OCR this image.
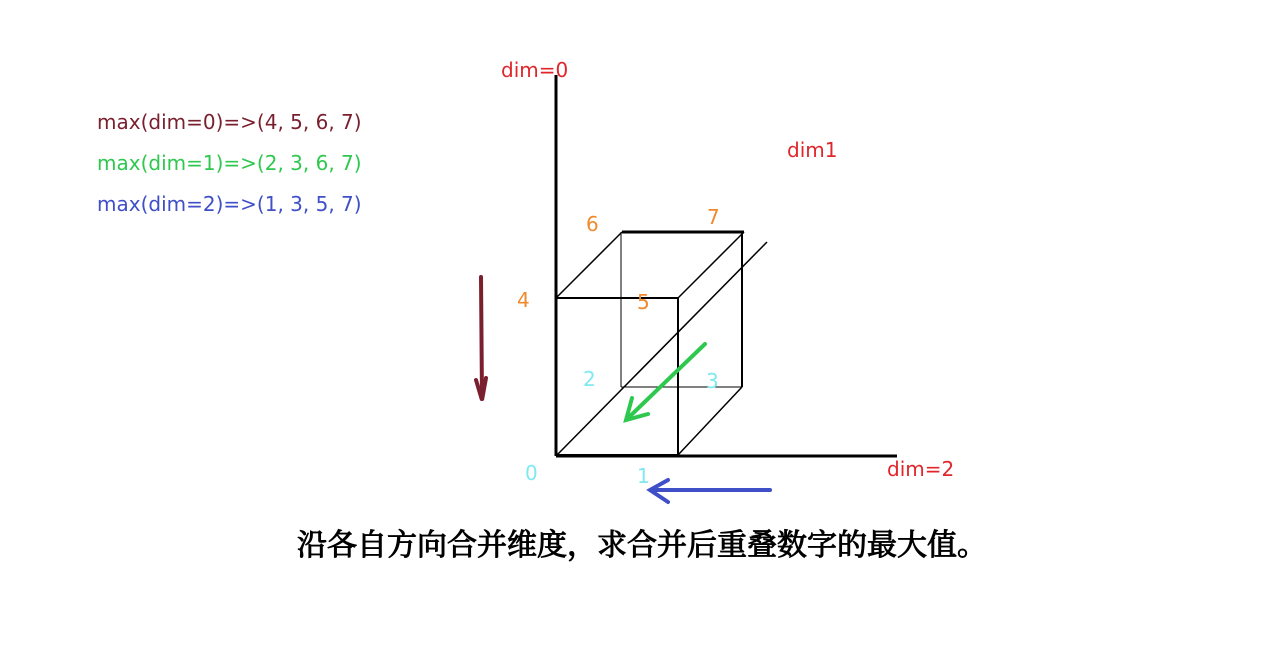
max(dim=0)=>(4, 5, 6, 7)
max(dim=1)=>(2, 3, 6, 7)
max(dim=2)=>(1, 3, 5, 7)
dim=0
dim1
dim=2
6	7
4	5
2	3
0	1
沿各自方向合并维度，求合并后重叠数字的最大值。
